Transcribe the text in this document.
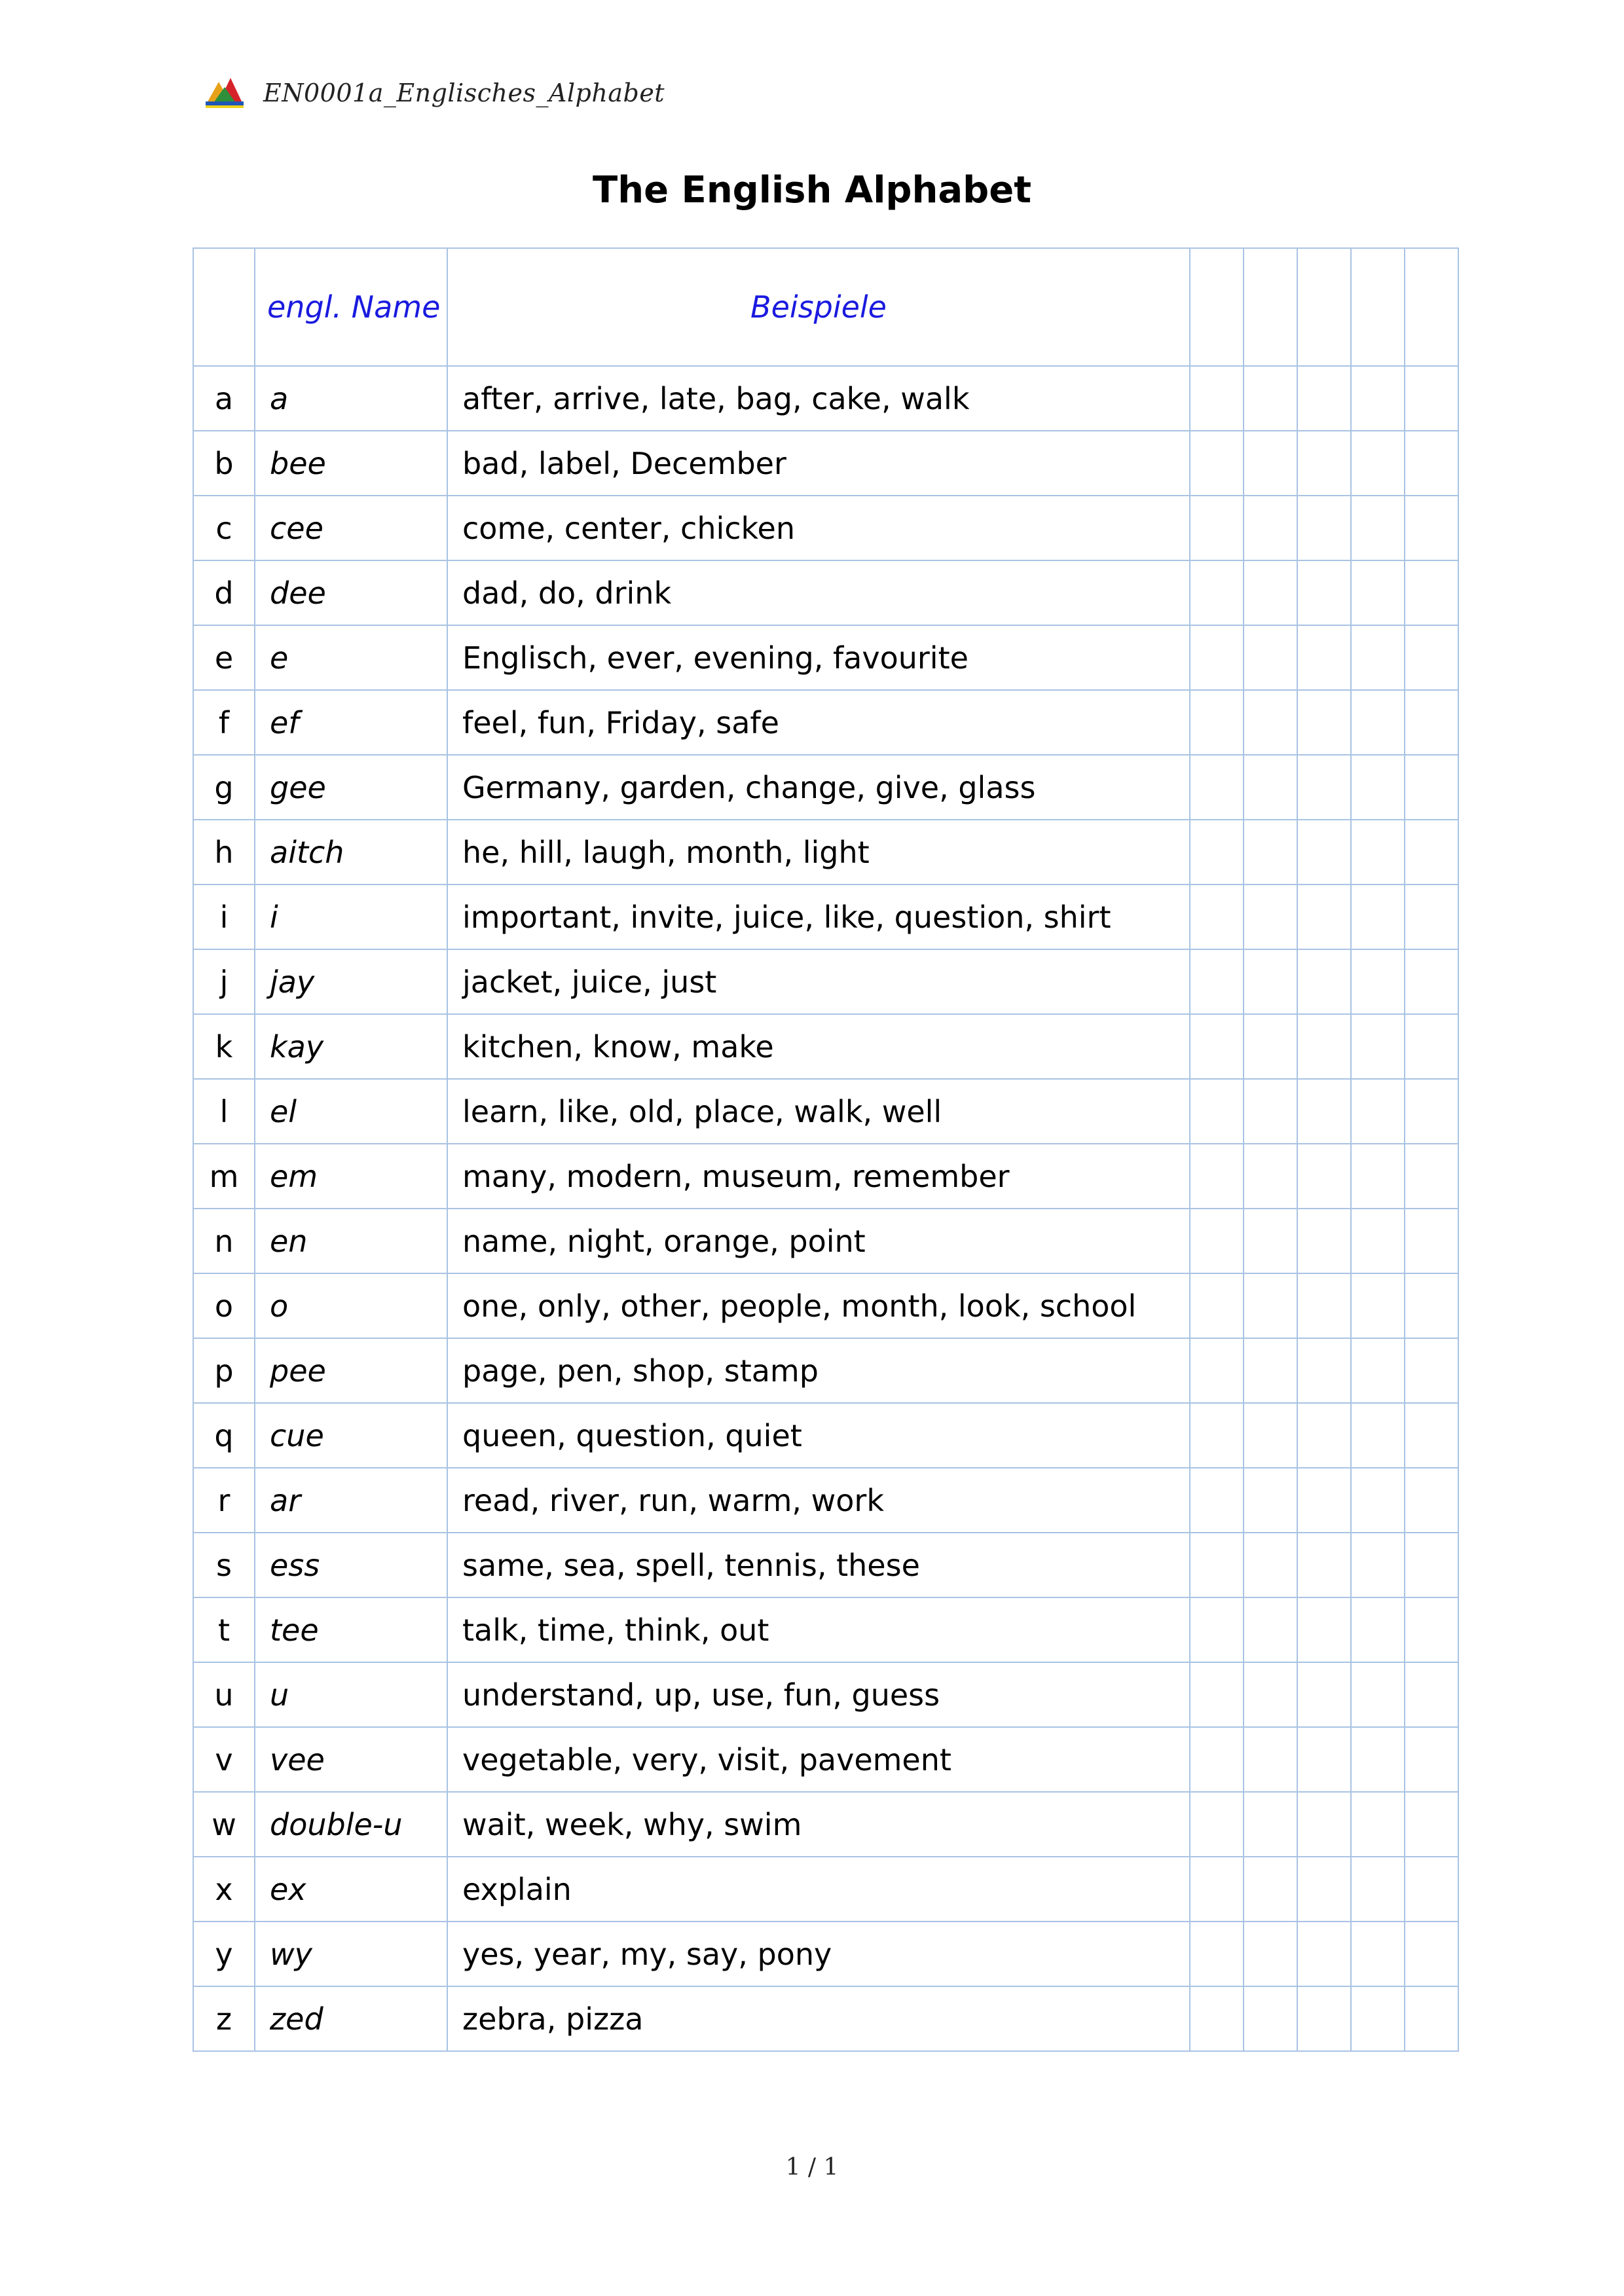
EN0001a_Englisches_Alphabet
The English Alphabet
	engl. Name	Beispiele					
a	a	after, arrive, late, bag, cake, walk					
b	bee	bad, label, December					
c	cee	come, center, chicken					
d	dee	dad, do, drink					
e	e	Englisch, ever, evening, favourite					
f	ef	feel, fun, Friday, safe					
g	gee	Germany, garden, change, give, glass					
h	aitch	he, hill, laugh, month, light					
i	i	important, invite, juice, like, question, shirt					
j	jay	jacket, juice, just					
k	kay	kitchen, know, make					
l	el	learn, like, old, place, walk, well					
m	em	many, modern, museum, remember					
n	en	name, night, orange, point					
o	o	one, only, other, people, month, look, school					
p	pee	page, pen, shop, stamp					
q	cue	queen, question, quiet					
r	ar	read, river, run, warm, work					
s	ess	same, sea, spell, tennis, these					
t	tee	talk, time, think, out					
u	u	understand, up, use, fun, guess					
v	vee	vegetable, very, visit, pavement					
w	double-u	wait, week, why, swim					
x	ex	explain					
y	wy	yes, year, my, say, pony					
z	zed	zebra, pizza					
1 / 1
